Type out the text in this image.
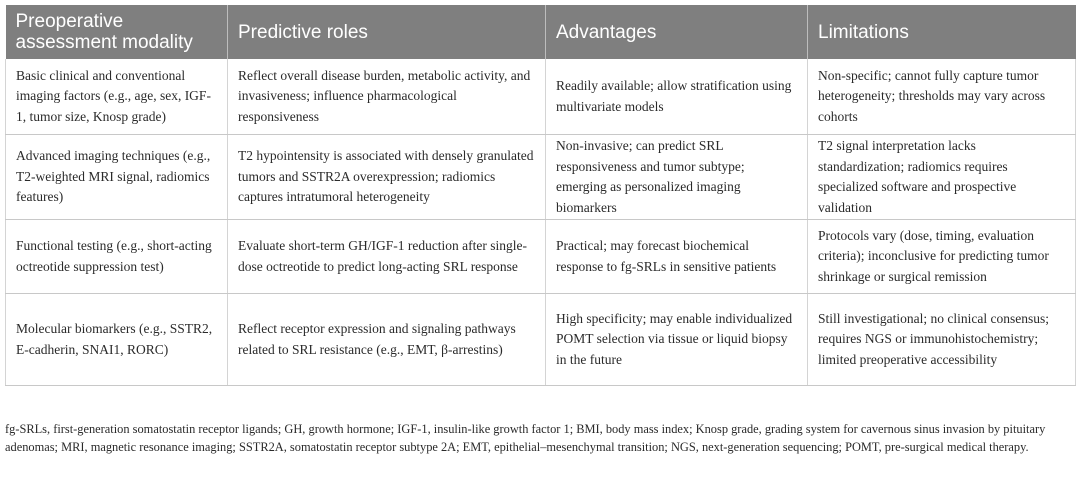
Preoperative assessment modality	Predictive roles	Advantages	Limitations
Basic clinical and conventional imaging factors (e.g., age, sex, IGF-1, tumor size, Knosp grade)	Reflect overall disease burden, metabolic activity, and invasiveness; influence pharmacological responsiveness	Readily available; allow stratification using multivariate models	Non-specific; cannot fully capture tumor heterogeneity; thresholds may vary across cohorts
Advanced imaging techniques (e.g., T2-weighted MRI signal, radiomics features)	T2 hypointensity is associated with densely granulated tumors and SSTR2A overexpression; radiomics captures intratumoral heterogeneity	Non-invasive; can predict SRL responsiveness and tumor subtype; emerging as personalized imaging biomarkers	T2 signal interpretation lacks standardization; radiomics requires specialized software and prospective validation
Functional testing (e.g., short-acting octreotide suppression test)	Evaluate short-term GH/IGF-1 reduction after single-dose octreotide to predict long-acting SRL response	Practical; may forecast biochemical response to fg-SRLs in sensitive patients	Protocols vary (dose, timing, evaluation criteria); inconclusive for predicting tumor shrinkage or surgical remission
Molecular biomarkers (e.g., SSTR2, E-cadherin, SNAI1, RORC)	Reflect receptor expression and signaling pathways related to SRL resistance (e.g., EMT, β-arrestins)	High specificity; may enable individualized POMT selection via tissue or liquid biopsy in the future	Still investigational; no clinical consensus; requires NGS or immunohistochemistry; limited preoperative accessibility

fg-SRLs, first-generation somatostatin receptor ligands; GH, growth hormone; IGF-1, insulin-like growth factor 1; BMI, body mass index; Knosp grade, grading system for cavernous sinus invasion by pituitary adenomas; MRI, magnetic resonance imaging; SSTR2A, somatostatin receptor subtype 2A; EMT, epithelial–mesenchymal transition; NGS, next-generation sequencing; POMT, pre-surgical medical therapy.
